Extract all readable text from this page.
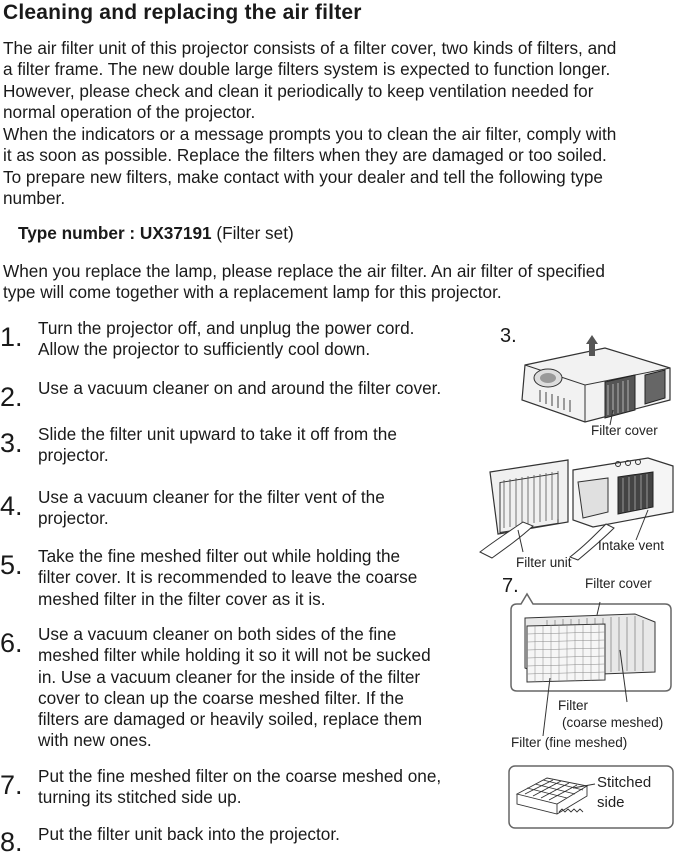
Cleaning and replacing the air filter
The air filter unit of this projector consists of a filter cover, two kinds of filters, and
a filter frame. The new double large filters system is expected to function longer.
However, please check and clean it periodically to keep ventilation needed for
normal operation of the projector.
When the indicators or a message prompts you to clean the air filter, comply with
it as soon as possible. Replace the filters when they are damaged or too soiled.
To prepare new filters, make contact with your dealer and tell the following type
number.
Type number : UX37191 (Filter set)
When you replace the lamp, please replace the air filter. An air filter of specified
type will come together with a replacement lamp for this projector.
1. Turn the projector off, and unplug the power cord.
Allow the projector to sufficiently cool down.
2. Use a vacuum cleaner on and around the filter cover.
3. Slide the filter unit upward to take it off from the
projector.
4. Use a vacuum cleaner for the filter vent of the
projector.
5. Take the fine meshed filter out while holding the
filter cover. It is recommended to leave the coarse
meshed filter in the filter cover as it is.
6. Use a vacuum cleaner on both sides of the fine
meshed filter while holding it so it will not be sucked
in. Use a vacuum cleaner for the inside of the filter
cover to clean up the coarse meshed filter. If the
filters are damaged or heavily soiled, replace them
with new ones.
7. Put the fine meshed filter on the coarse meshed one,
turning its stitched side up.
8. Put the filter unit back into the projector.
3.
Filter cover
Filter unit
Intake vent
7.	Filter cover
Filter
(coarse meshed)
Filter (fine meshed)
Stitched
side
